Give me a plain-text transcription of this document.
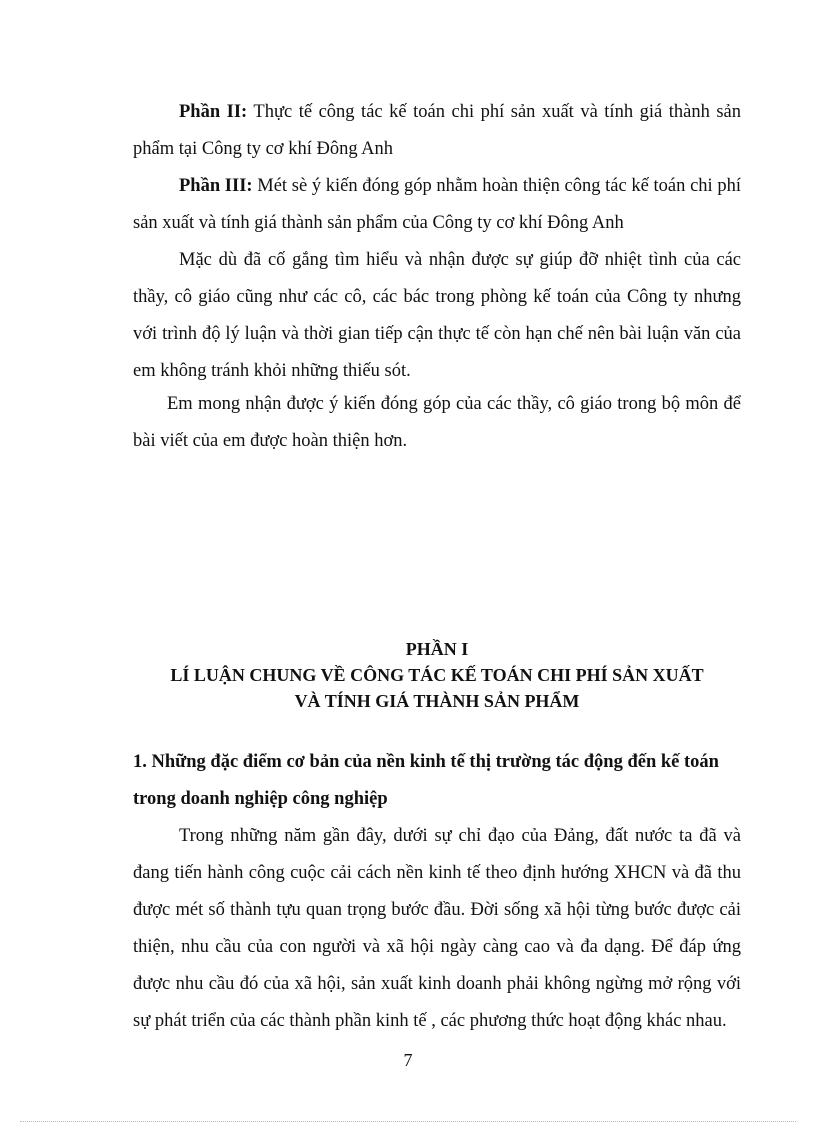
Phần II: Thực tế công tác kế toán chi phí sản xuất và tính giá thành sản phẩm tại Công ty cơ khí Đông Anh

Phần III: Mét sè ý kiến đóng góp nhằm hoàn thiện công tác kế toán chi phí sản xuất và tính giá thành sản phẩm của Công ty cơ khí Đông Anh

Mặc dù đã cố gắng tìm hiểu và nhận được sự giúp đỡ nhiệt tình của các thầy, cô giáo cũng như các cô, các bác trong phòng kế toán của Công ty nhưng với trình độ lý luận và thời gian tiếp cận thực tế còn hạn chế nên bài luận văn của em không tránh khỏi những thiếu sót.

Em mong nhận được ý kiến đóng góp của các thầy, cô giáo trong bộ môn để bài viết của em được hoàn thiện hơn.

PHẦN I
LÍ LUẬN CHUNG VỀ CÔNG TÁC KẾ TOÁN CHI PHÍ SẢN XUẤT
VÀ TÍNH GIÁ THÀNH SẢN PHẨM

1. Những đặc điểm cơ bản của nền kinh tế thị trường tác động đến kế toán trong doanh nghiệp công nghiệp

Trong những năm gần đây, dưới sự chỉ đạo của Đảng, đất nước ta đã và đang tiến hành công cuộc cải cách nền kinh tế theo định hướng XHCN và đã thu được mét số thành tựu quan trọng bước đầu. Đời sống xã hội từng bước được cải thiện, nhu cầu của con người và xã hội ngày càng cao và đa dạng. Để đáp ứng được nhu cầu đó của xã hội, sản xuất kinh doanh phải không ngừng mở rộng với sự phát triển của các thành phần kinh tế , các phương thức hoạt động khác nhau.

7
